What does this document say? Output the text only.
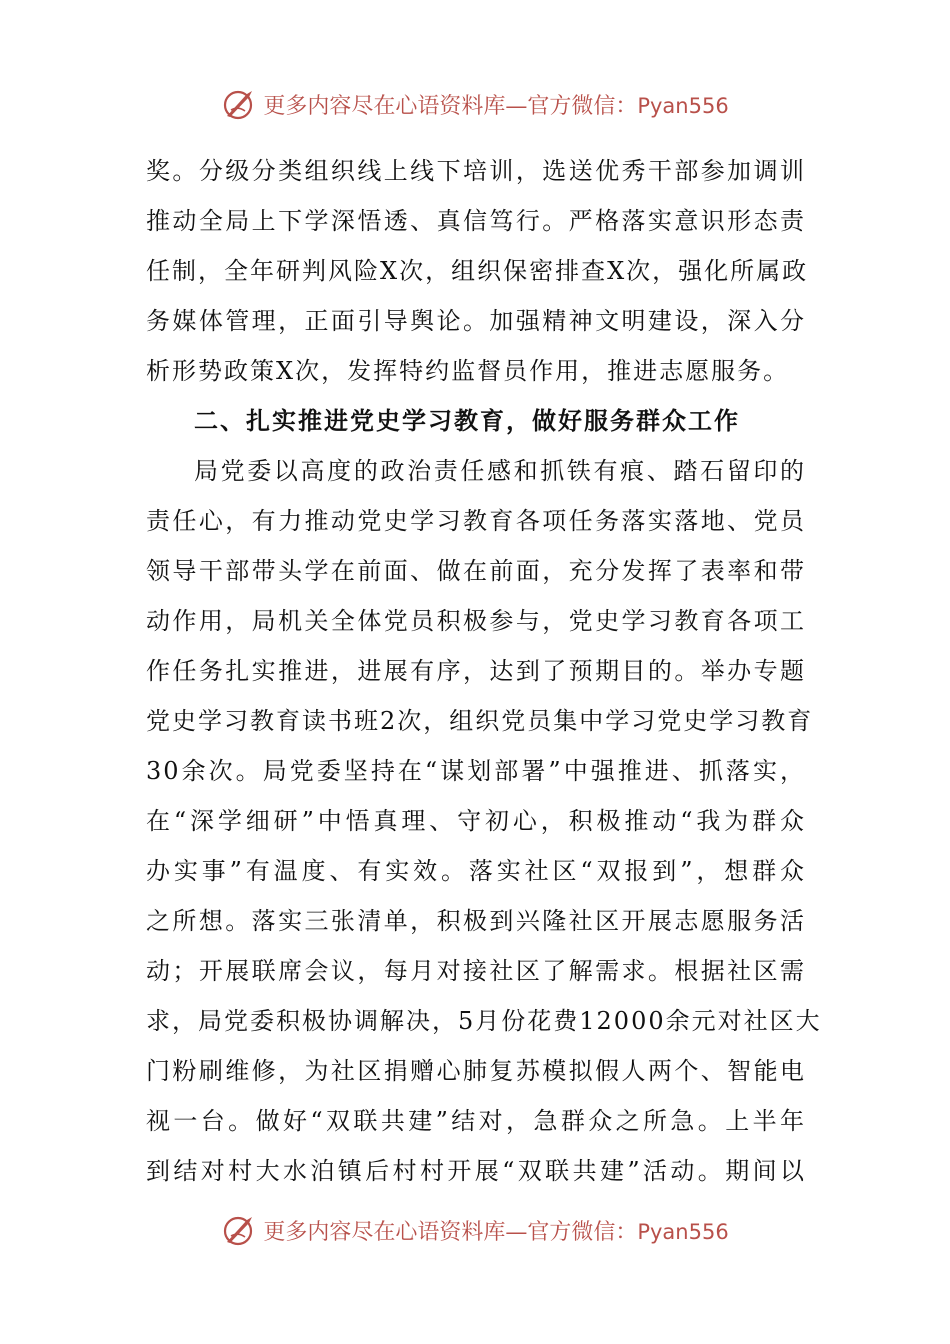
更多内容尽在心语资料库—官方微信：Pyan556
奖。分级分类组织线上线下培训，选送优秀干部参加调训
推动全局上下学深悟透、真信笃行。严格落实意识形态责
任制，全年研判风险X次，组织保密排查X次，强化所属政
务媒体管理，正面引导舆论。加强精神文明建设，深入分
析形势政策X次，发挥特约监督员作用，推进志愿服务。
二、扎实推进党史学习教育，做好服务群众工作
局党委以高度的政治责任感和抓铁有痕、踏石留印的
责任心，有力推动党史学习教育各项任务落实落地、党员
领导干部带头学在前面、做在前面，充分发挥了表率和带
动作用，局机关全体党员积极参与，党史学习教育各项工
作任务扎实推进，进展有序，达到了预期目的。举办专题
党史学习教育读书班2次，组织党员集中学习党史学习教育
30余次。局党委坚持在“谋划部署”中强推进、抓落实，
在“深学细研”中悟真理、守初心，积极推动“我为群众
办实事”有温度、有实效。落实社区“双报到”，想群众
之所想。落实三张清单，积极到兴隆社区开展志愿服务活
动；开展联席会议，每月对接社区了解需求。根据社区需
求，局党委积极协调解决，5月份花费12000余元对社区大
门粉刷维修，为社区捐赠心肺复苏模拟假人两个、智能电
视一台。做好“双联共建”结对，急群众之所急。上半年
到结对村大水泊镇后村村开展“双联共建”活动。期间以
更多内容尽在心语资料库—官方微信：Pyan556
